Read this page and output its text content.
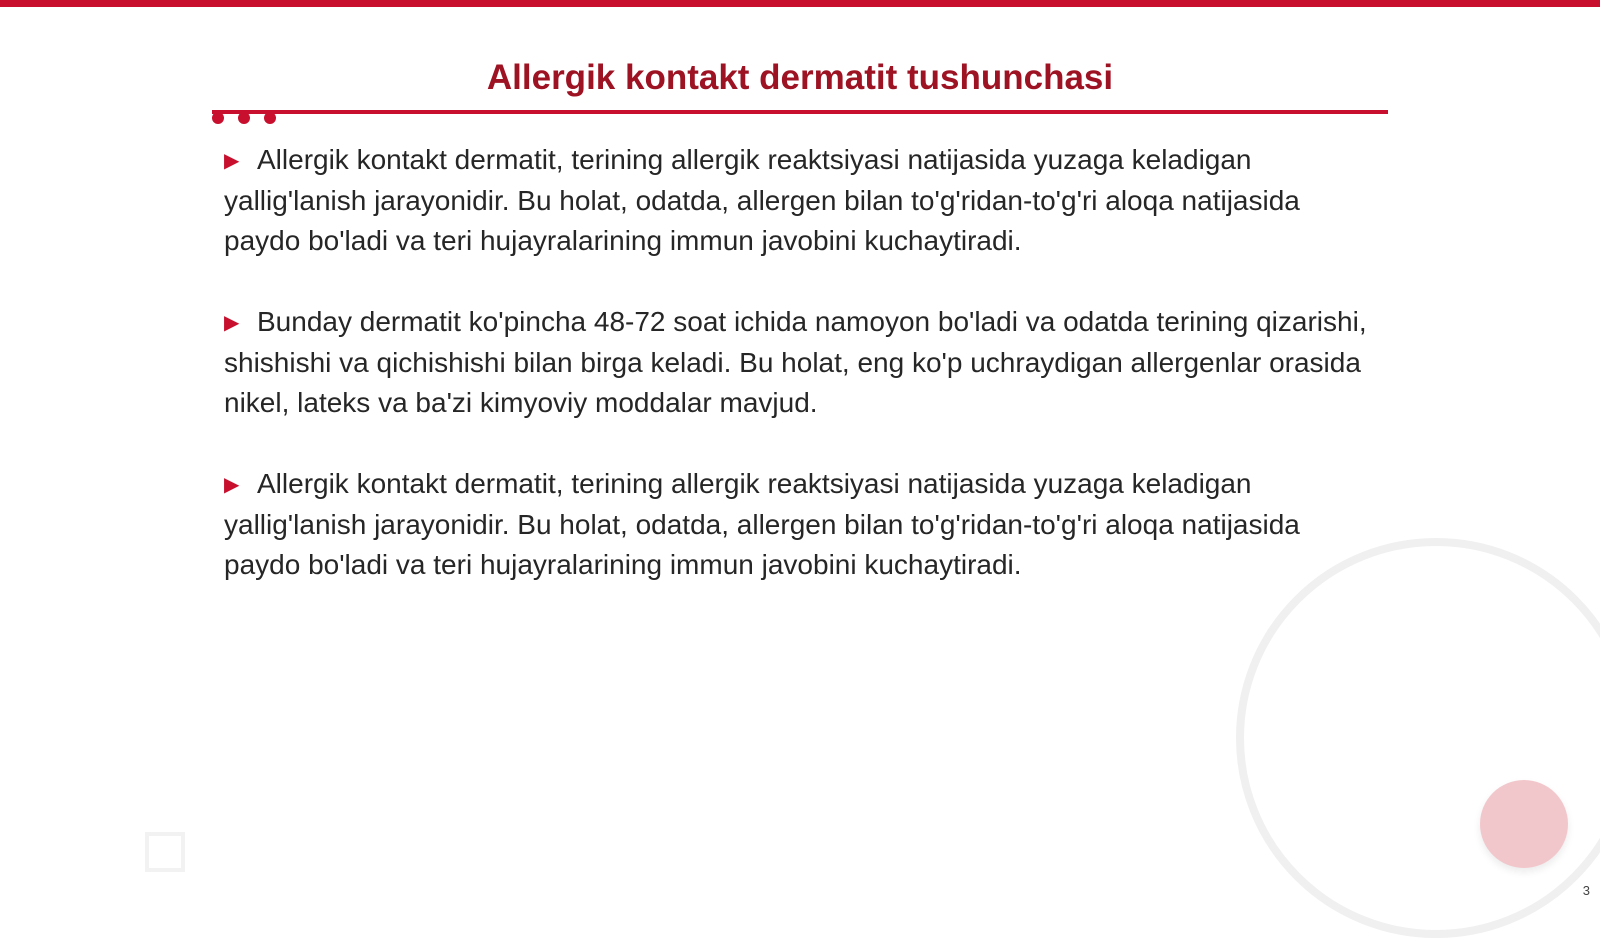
Allergik kontakt dermatit tushunchasi

▶ Allergik kontakt dermatit, terining allergik reaktsiyasi natijasida yuzaga keladigan yallig'lanish jarayonidir. Bu holat, odatda, allergen bilan to'g'ridan-to'g'ri aloqa natijasida paydo bo'ladi va teri hujayralarining immun javobini kuchaytiradi.

▶ Bunday dermatit ko'pincha 48-72 soat ichida namoyon bo'ladi va odatda terining qizarishi, shishishi va qichishishi bilan birga keladi. Bu holat, eng ko'p uchraydigan allergenlar orasida nikel, lateks va ba'zi kimyoviy moddalar mavjud.

▶ Allergik kontakt dermatit, terining allergik reaktsiyasi natijasida yuzaga keladigan yallig'lanish jarayonidir. Bu holat, odatda, allergen bilan to'g'ridan-to'g'ri aloqa natijasida paydo bo'ladi va teri hujayralarining immun javobini kuchaytiradi.

3
